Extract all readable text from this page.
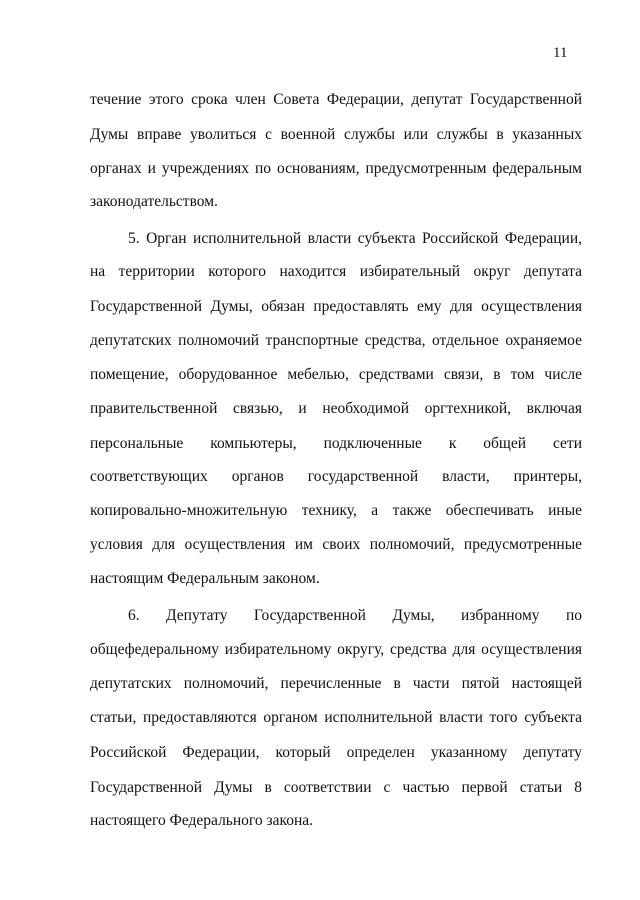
11
течение этого срока член Совета Федерации, депутат Государственной
Думы вправе уволиться с военной службы или службы в указанных
органах и учреждениях по основаниям, предусмотренным федеральным
законодательством.
5. Орган исполнительной власти субъекта Российской Федерации,
на территории которого находится избирательный округ депутата
Государственной Думы, обязан предоставлять ему для осуществления
депутатских полномочий транспортные средства, отдельное охраняемое
помещение, оборудованное мебелью, средствами связи, в том числе
правительственной связью, и необходимой оргтехникой, включая
персональные компьютеры, подключенные к общей сети
соответствующих органов государственной власти, принтеры,
копировально-множительную технику, а также обеспечивать иные
условия для осуществления им своих полномочий, предусмотренные
настоящим Федеральным законом.
6. Депутату Государственной Думы, избранному по
общефедеральному избирательному округу, средства для осуществления
депутатских полномочий, перечисленные в части пятой настоящей
статьи, предоставляются органом исполнительной власти того субъекта
Российской Федерации, который определен указанному депутату
Государственной Думы в соответствии с частью первой статьи 8
настоящего Федерального закона.
